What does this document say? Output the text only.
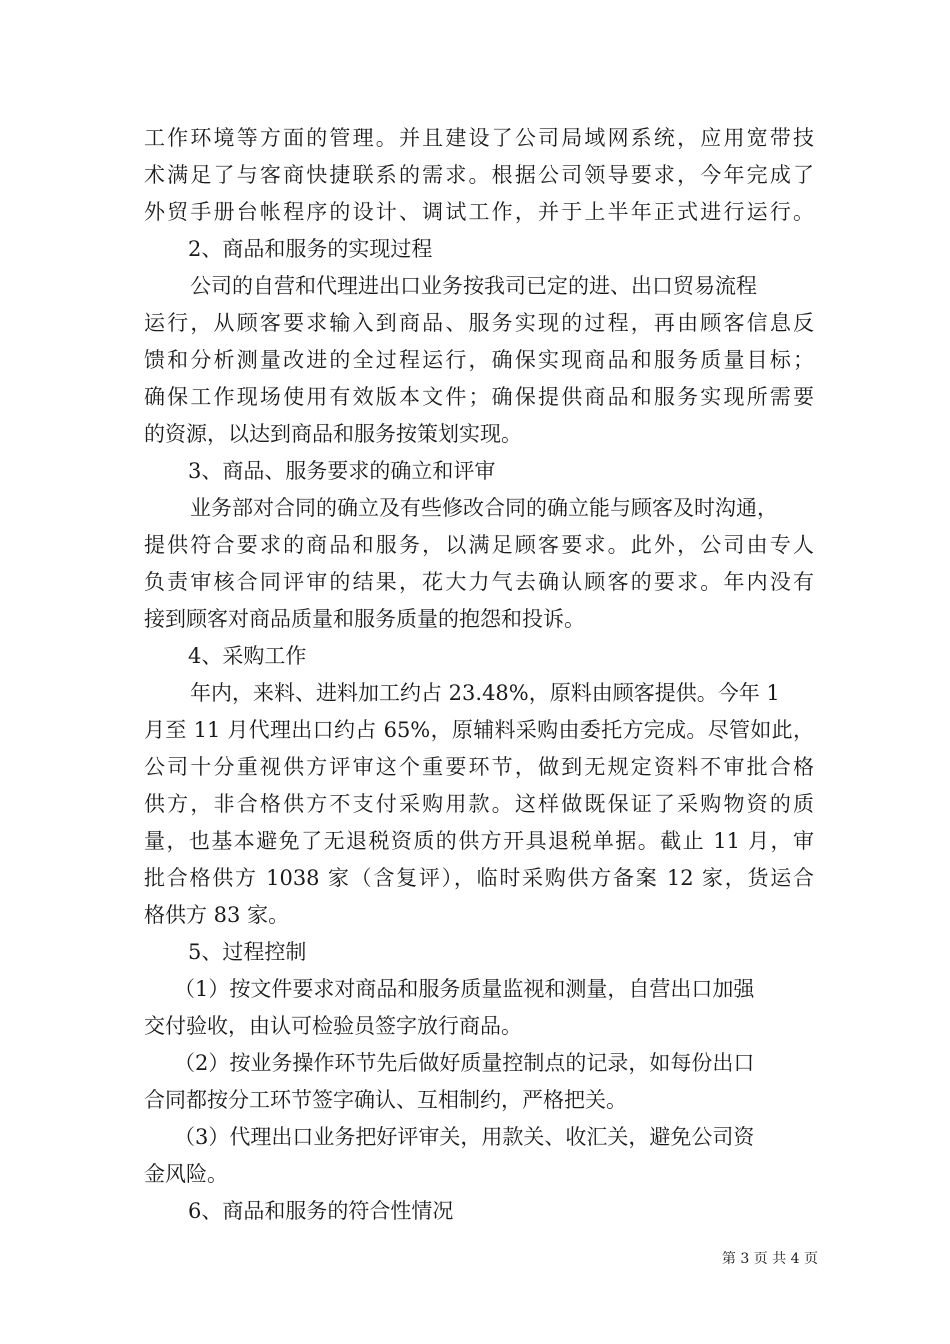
工作环境等方面的管理。并且建设了公司局域网系统，应用宽带技
术满足了与客商快捷联系的需求。根据公司领导要求，今年完成了
外贸手册台帐程序的设计、调试工作，并于上半年正式进行运行。
2、商品和服务的实现过程
公司的自营和代理进出口业务按我司已定的进、出口贸易流程
运行，从顾客要求输入到商品、服务实现的过程，再由顾客信息反
馈和分析测量改进的全过程运行，确保实现商品和服务质量目标；
确保工作现场使用有效版本文件；确保提供商品和服务实现所需要
的资源，以达到商品和服务按策划实现。
3、商品、服务要求的确立和评审
业务部对合同的确立及有些修改合同的确立能与顾客及时沟通，
提供符合要求的商品和服务，以满足顾客要求。此外，公司由专人
负责审核合同评审的结果，花大力气去确认顾客的要求。年内没有
接到顾客对商品质量和服务质量的抱怨和投诉。
4、采购工作
年内，来料、进料加工约占 23.48%，原料由顾客提供。今年 1
月至 11 月代理出口约占 65%，原辅料采购由委托方完成。尽管如此，
公司十分重视供方评审这个重要环节，做到无规定资料不审批合格
供方，非合格供方不支付采购用款。这样做既保证了采购物资的质
量，也基本避免了无退税资质的供方开具退税单据。截止 11 月，审
批合格供方 1038 家（含复评），临时采购供方备案 12 家，货运合
格供方 83 家。
5、过程控制
（1）按文件要求对商品和服务质量监视和测量，自营出口加强
交付验收，由认可检验员签字放行商品。
（2）按业务操作环节先后做好质量控制点的记录，如每份出口
合同都按分工环节签字确认、互相制约，严格把关。
（3）代理出口业务把好评审关，用款关、收汇关，避免公司资
金风险。
6、商品和服务的符合性情况
第 3 页 共 4 页
